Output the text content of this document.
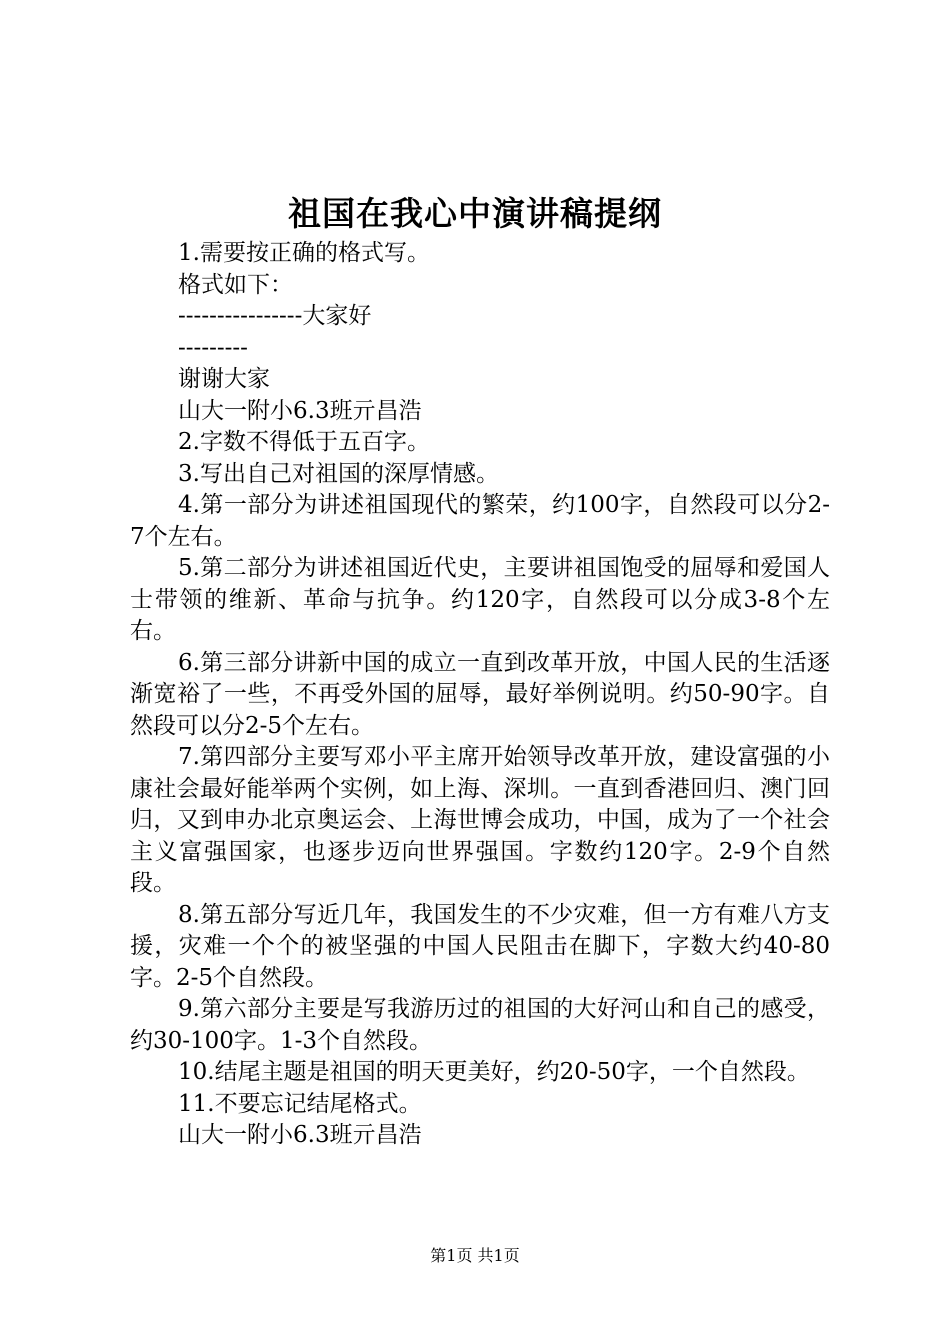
祖国在我心中演讲稿提纲

1.需要按正确的格式写。

格式如下：

----------------大家好

---------

谢谢大家

山大一附小6.3班亓昌浩

2.字数不得低于五百字。

3.写出自己对祖国的深厚情感。

4.第一部分为讲述祖国现代的繁荣，约100字，自然段可以分2-7个左右。

5.第二部分为讲述祖国近代史，主要讲祖国饱受的屈辱和爱国人士带领的维新、革命与抗争。约120字，自然段可以分成3-8个左右。

6.第三部分讲新中国的成立一直到改革开放，中国人民的生活逐渐宽裕了一些，不再受外国的屈辱，最好举例说明。约50-90字。自然段可以分2-5个左右。

7.第四部分主要写邓小平主席开始领导改革开放，建设富强的小康社会最好能举两个实例，如上海、深圳。一直到香港回归、澳门回归，又到申办北京奥运会、上海世博会成功，中国，成为了一个社会主义富强国家，也逐步迈向世界强国。字数约120字。2-9个自然段。

8.第五部分写近几年，我国发生的不少灾难，但一方有难八方支援，灾难一个个的被坚强的中国人民阻击在脚下，字数大约40-80字。2-5个自然段。

9.第六部分主要是写我游历过的祖国的大好河山和自己的感受，约30-100字。1-3个自然段。

10.结尾主题是祖国的明天更美好，约20-50字，一个自然段。

11.不要忘记结尾格式。

山大一附小6.3班亓昌浩

第1页 共1页
